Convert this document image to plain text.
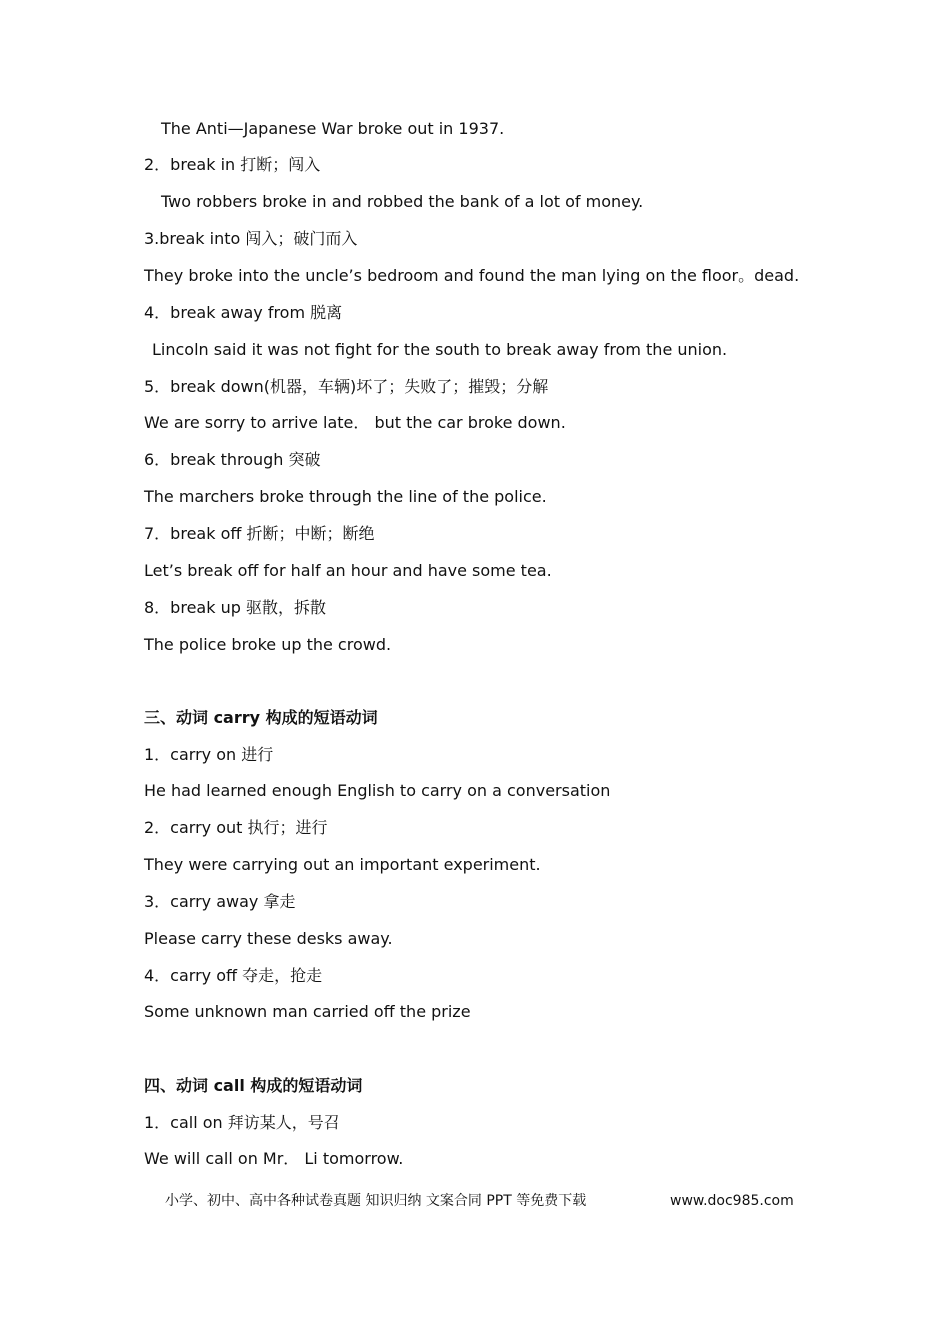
The Anti—Japanese War broke out in 1937.
2．break in 打断；闯入
Two robbers broke in and robbed the bank of a lot of money.
3.break into 闯入；破门而入
They broke into the uncle’s bedroom and found the man lying on the floor。dead.
4．break away from 脱离
Lincoln said it was not fight for the south to break away from the union.
5．break down(机器，车辆)坏了；失败了；摧毁；分解
We are sorry to arrive late． but the car broke down.
6．break through 突破
The marchers broke through the line of the police.
7．break off 折断；中断；断绝
Let’s break off for half an hour and have some tea.
8．break up 驱散，拆散
The police broke up the crowd.
三、动词 carry 构成的短语动词
1．carry on 进行
He had learned enough English to carry on a conversation
2．carry out 执行；进行
They were carrying out an important experiment.
3．carry away 拿走
Please carry these desks away.
4．carry off 夺走，抢走
Some unknown man carried off the prize
四、动词 call 构成的短语动词
1．call on 拜访某人，号召
We will call on Mr． Li tomorrow.
小学、初中、高中各种试卷真题 知识归纳 文案合同 PPT 等免费下载	www.doc985.com
